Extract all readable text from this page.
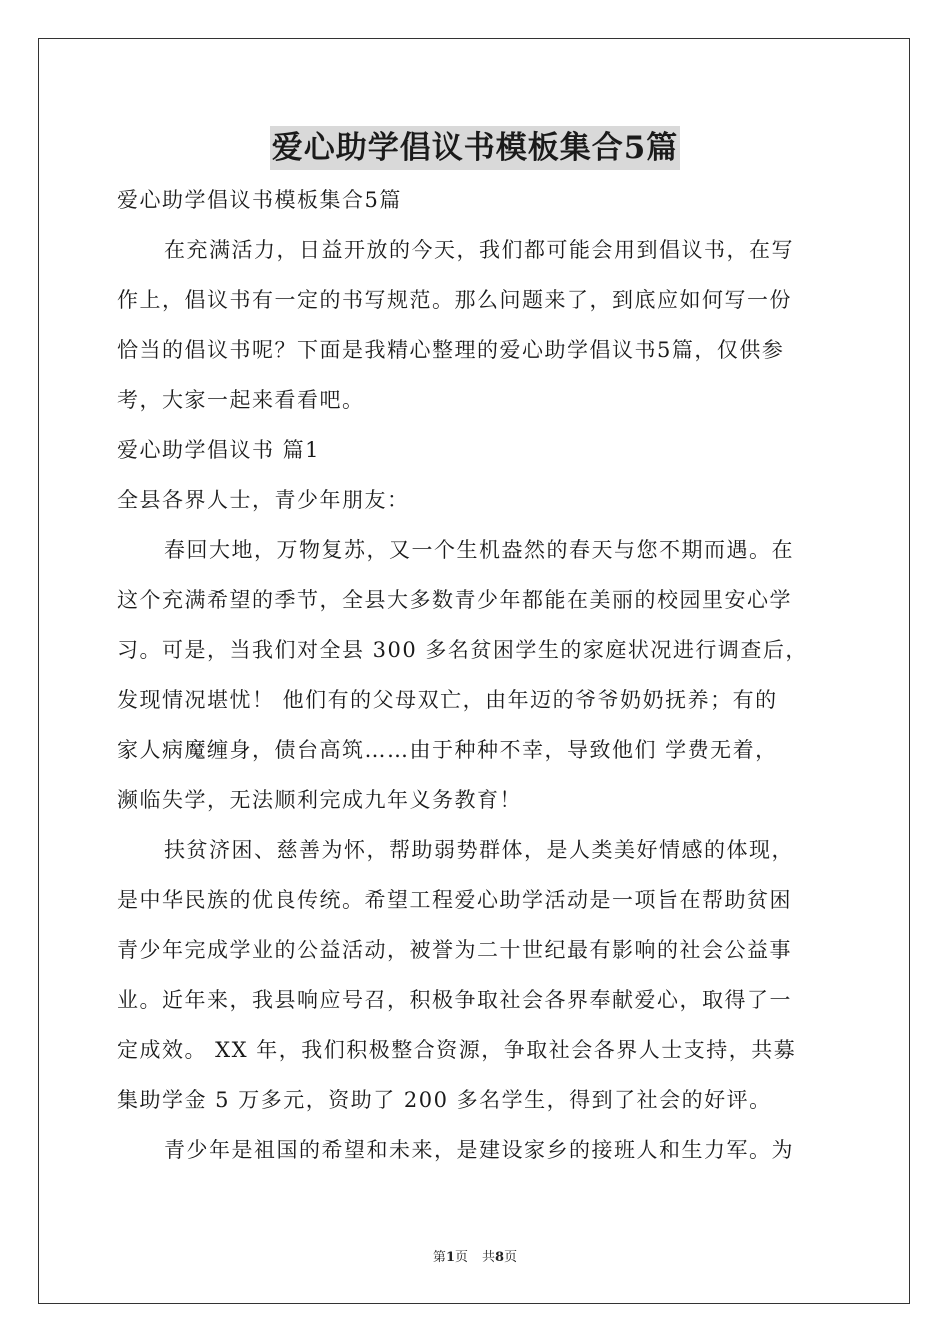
爱心助学倡议书模板集合5篇
爱心助学倡议书模板集合5篇
在充满活力，日益开放的今天，我们都可能会用到倡议书，在写
作上，倡议书有一定的书写规范。那么问题来了，到底应如何写一份
恰当的倡议书呢？下面是我精心整理的爱心助学倡议书5篇，仅供参
考，大家一起来看看吧。
爱心助学倡议书 篇1
全县各界人士，青少年朋友：
春回大地，万物复苏，又一个生机盎然的春天与您不期而遇。在
这个充满希望的季节，全县大多数青少年都能在美丽的校园里安心学
习。可是，当我们对全县 300 多名贫困学生的家庭状况进行调查后，
发现情况堪忧！ 他们有的父母双亡，由年迈的爷爷奶奶抚养；有的
家人病魔缠身，债台高筑……由于种种不幸，导致他们 学费无着，
濒临失学，无法顺利完成九年义务教育！
扶贫济困、慈善为怀，帮助弱势群体，是人类美好情感的体现，
是中华民族的优良传统。希望工程爱心助学活动是一项旨在帮助贫困
青少年完成学业的公益活动，被誉为二十世纪最有影响的社会公益事
业。近年来，我县响应号召，积极争取社会各界奉献爱心，取得了一
定成效。 XX 年，我们积极整合资源，争取社会各界人士支持，共募
集助学金 5 万多元，资助了 200 多名学生，得到了社会的好评。
青少年是祖国的希望和未来，是建设家乡的接班人和生力军。为
第1页 共8页
